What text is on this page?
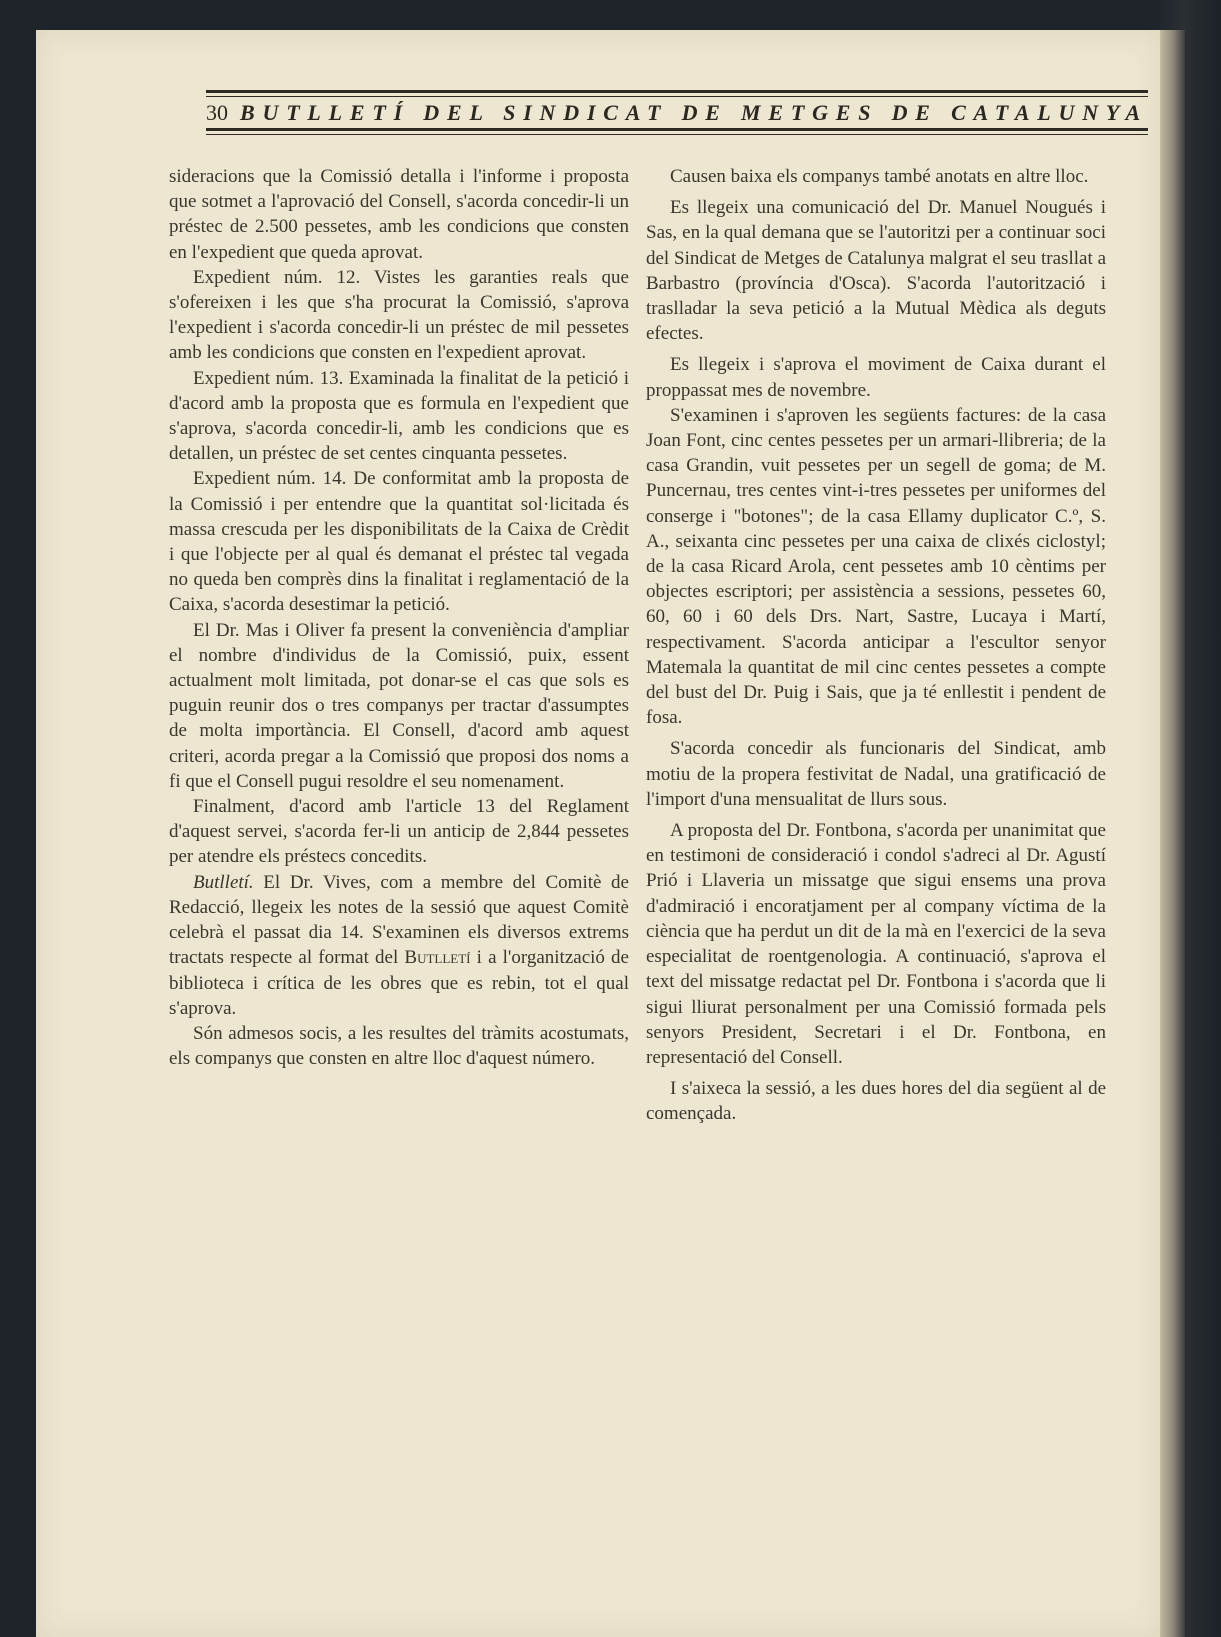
30 BUTLLETÍ DEL SINDICAT DE METGES DE CATALUNYA

sideracions que la Comissió detalla i l'informe i proposta que sotmet a l'aprovació del Consell, s'acorda concedir-li un préstec de 2.500 pessetes, amb les condicions que consten en l'expedient que queda aprovat.

Expedient núm. 12. Vistes les garanties reals que s'ofereixen i les que s'ha procurat la Comissió, s'aprova l'expedient i s'acorda concedir-li un préstec de mil pessetes amb les condicions que consten en l'expedient aprovat.

Expedient núm. 13. Examinada la finalitat de la petició i d'acord amb la proposta que es formula en l'expedient que s'aprova, s'acorda concedir-li, amb les condicions que es detallen, un préstec de set centes cinquanta pessetes.

Expedient núm. 14. De conformitat amb la proposta de la Comissió i per entendre que la quantitat sol·licitada és massa crescuda per les disponibilitats de la Caixa de Crèdit i que l'objecte per al qual és demanat el préstec tal vegada no queda ben comprès dins la finalitat i reglamentació de la Caixa, s'acorda desestimar la petició.

El Dr. Mas i Oliver fa present la conveniència d'ampliar el nombre d'individus de la Comissió, puix, essent actualment molt limitada, pot donar-se el cas que sols es puguin reunir dos o tres companys per tractar d'assumptes de molta importància. El Consell, d'acord amb aquest criteri, acorda pregar a la Comissió que proposi dos noms a fi que el Consell pugui resoldre el seu nomenament.

Finalment, d'acord amb l'article 13 del Reglament d'aquest servei, s'acorda fer-li un anticip de 2,844 pessetes per atendre els préstecs concedits.

Butlletí. El Dr. Vives, com a membre del Comitè de Redacció, llegeix les notes de la sessió que aquest Comitè celebrà el passat dia 14. S'examinen els diversos extrems tractats respecte al format del Butlletí i a l'organització de biblioteca i crítica de les obres que es rebin, tot el qual s'aprova.

Són admesos socis, a les resultes del tràmits acostumats, els companys que consten en altre lloc d'aquest número.

Causen baixa els companys també anotats en altre lloc.

Es llegeix una comunicació del Dr. Manuel Nougués i Sas, en la qual demana que se l'autoritzi per a continuar soci del Sindicat de Metges de Catalunya malgrat el seu trasllat a Barbastro (província d'Osca). S'acorda l'autorització i traslladar la seva petició a la Mutual Mèdica als deguts efectes.

Es llegeix i s'aprova el moviment de Caixa durant el proppassat mes de novembre.

S'examinen i s'aproven les següents factures: de la casa Joan Font, cinc centes pessetes per un armari-llibreria; de la casa Grandin, vuit pessetes per un segell de goma; de M. Puncernau, tres centes vint-i-tres pessetes per uniformes del conserge i "botones"; de la casa Ellamy duplicator C.º, S. A., seixanta cinc pessetes per una caixa de clixés ciclostyl; de la casa Ricard Arola, cent pessetes amb 10 cèntims per objectes escriptori; per assistència a sessions, pessetes 60, 60, 60 i 60 dels Drs. Nart, Sastre, Lucaya i Martí, respectivament. S'acorda anticipar a l'escultor senyor Matemala la quantitat de mil cinc centes pessetes a compte del bust del Dr. Puig i Sais, que ja té enllestit i pendent de fosa.

S'acorda concedir als funcionaris del Sindicat, amb motiu de la propera festivitat de Nadal, una gratificació de l'import d'una mensualitat de llurs sous.

A proposta del Dr. Fontbona, s'acorda per unanimitat que en testimoni de consideració i condol s'adreci al Dr. Agustí Prió i Llaveria un missatge que sigui ensems una prova d'admiració i encoratjament per al company víctima de la ciència que ha perdut un dit de la mà en l'exercici de la seva especialitat de roentgenologia. A continuació, s'aprova el text del missatge redactat pel Dr. Fontbona i s'acorda que li sigui lliurat personalment per una Comissió formada pels senyors President, Secretari i el Dr. Fontbona, en representació del Consell.

I s'aixeca la sessió, a les dues hores del dia següent al de començada.
